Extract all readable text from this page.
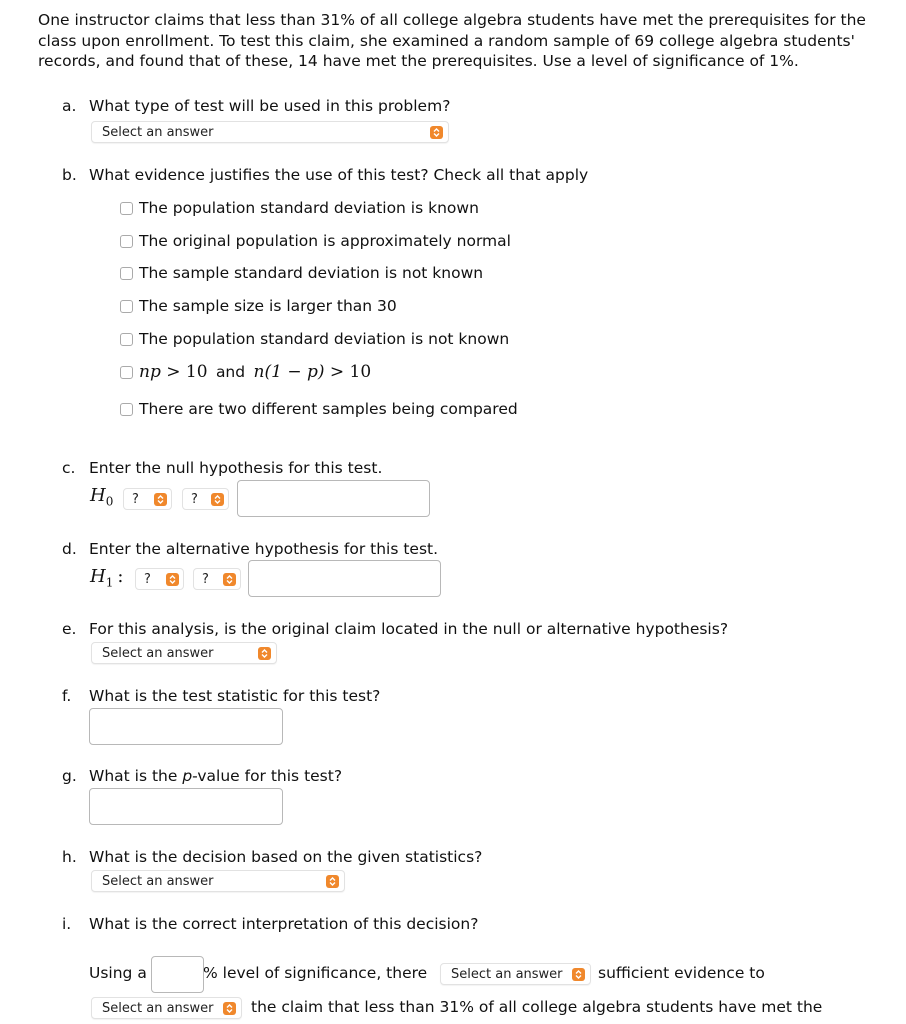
One instructor claims that less than 31% of all college algebra students have met the prerequisites for the class upon enrollment. To test this claim, she examined a random sample of 69 college algebra students' records, and found that of these, 14 have met the prerequisites. Use a level of significance of 1%.
a. What type of test will be used in this problem?
Select an answer
b. What evidence justifies the use of this test? Check all that apply
The population standard deviation is known
The original population is approximately normal
The sample standard deviation is not known
The sample size is larger than 30
The population standard deviation is not known
np > 10 and n(1 − p) > 10
There are two different samples being compared
c. Enter the null hypothesis for this test.
$H_0$ ?	?
d. Enter the alternative hypothesis for this test.
$H_1$ : ?	?
e. For this analysis, is the original claim located in the null or alternative hypothesis?
Select an answer
f. What is the test statistic for this test?
g. What is the p-value for this test?
h. What is the decision based on the given statistics?
Select an answer
i. What is the correct interpretation of this decision?
Using a	% level of significance, there Select an answer sufficient evidence to
Select an answer the claim that less than 31% of all college algebra students have met the
